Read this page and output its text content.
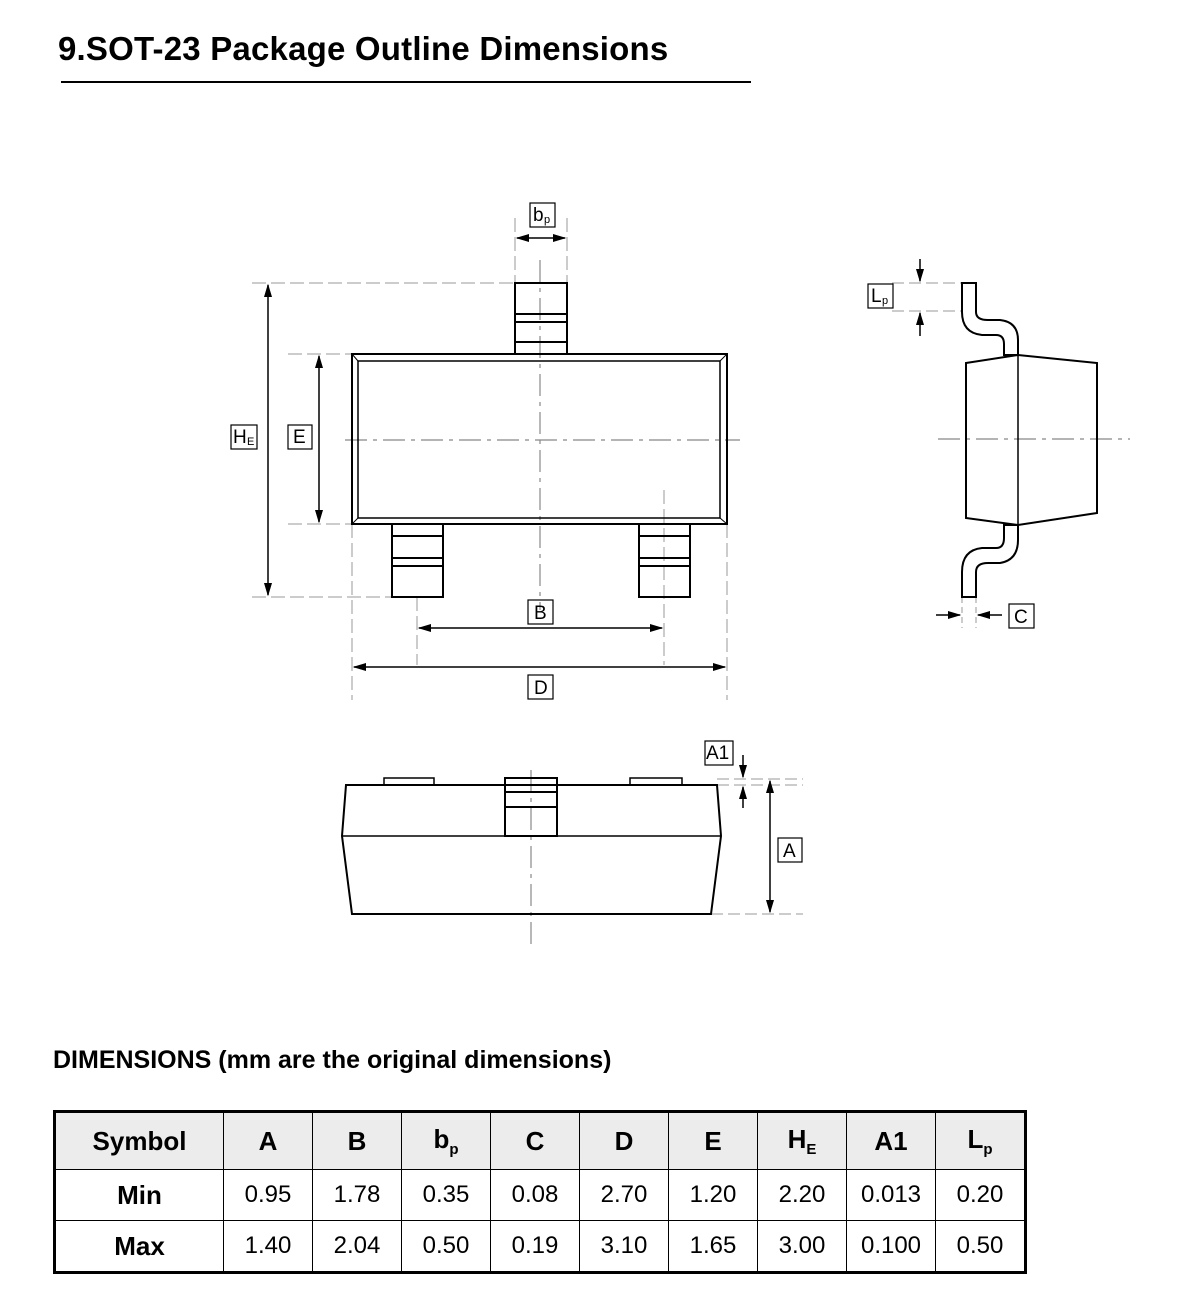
9.SOT-23 Package Outline Dimensions
b p
H E E
B
D
L p
C
A1
A
DIMENSIONS (mm are the original dimensions)
Symbol	A	B	$b_p$	C	D	E	$H_E$	A1	$L_p$
Min	0.95	1.78	0.35	0.08	2.70	1.20	2.20	0.013	0.20
Max	1.40	2.04	0.50	0.19	3.10	1.65	3.00	0.100	0.50
